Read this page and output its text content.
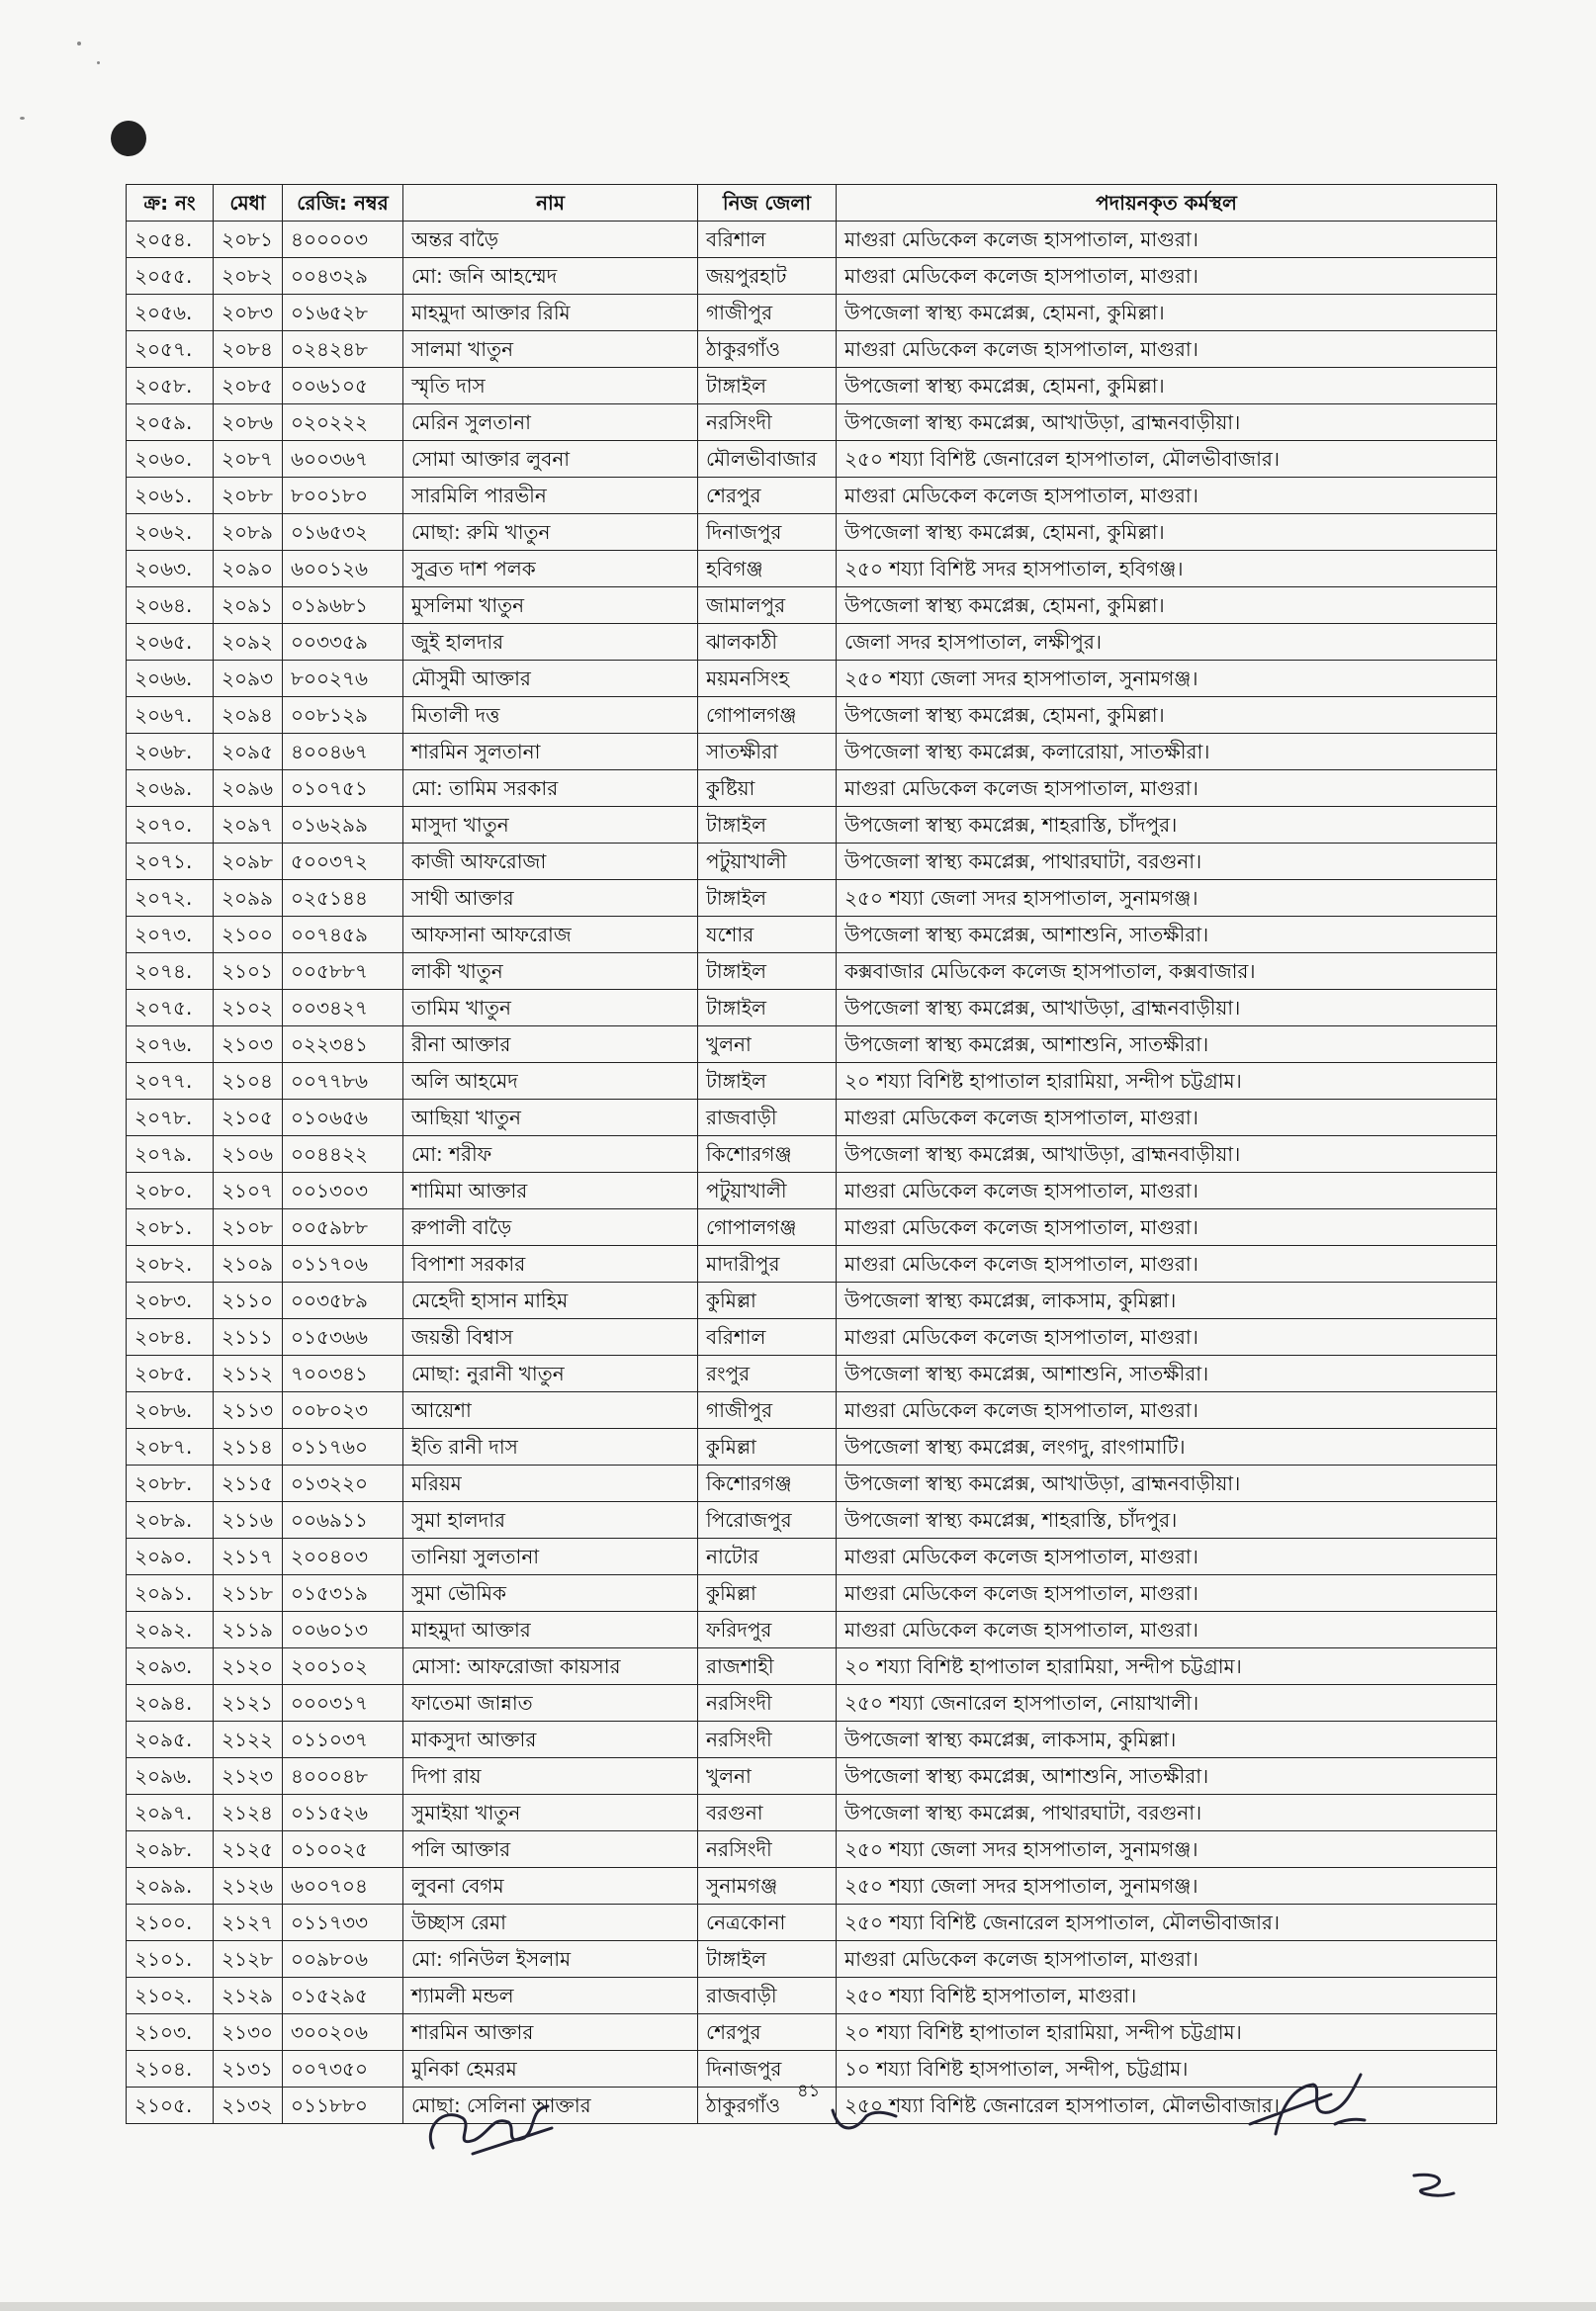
ক্র: নং	মেধা	রেজি: নম্বর	নাম	নিজ জেলা	পদায়নকৃত কর্মস্থল
২০৫৪.	২০৮১	৪০০০০৩	অন্তর বাড়ৈ	বরিশাল	মাগুরা মেডিকেল কলেজ হাসপাতাল, মাগুরা।
২০৫৫.	২০৮২	০০৪৩২৯	মো: জনি আহম্মেদ	জয়পুরহাট	মাগুরা মেডিকেল কলেজ হাসপাতাল, মাগুরা।
২০৫৬.	২০৮৩	০১৬৫২৮	মাহমুদা আক্তার রিমি	গাজীপুর	উপজেলা স্বাস্থ্য কমপ্লেক্স, হোমনা, কুমিল্লা।
২০৫৭.	২০৮৪	০২৪২৪৮	সালমা খাতুন	ঠাকুরগাঁও	মাগুরা মেডিকেল কলেজ হাসপাতাল, মাগুরা।
২০৫৮.	২০৮৫	০০৬১০৫	স্মৃতি দাস	টাঙ্গাইল	উপজেলা স্বাস্থ্য কমপ্লেক্স, হোমনা, কুমিল্লা।
২০৫৯.	২০৮৬	০২০২২২	মেরিন সুলতানা	নরসিংদী	উপজেলা স্বাস্থ্য কমপ্লেক্স, আখাউড়া, ব্রাহ্মনবাড়ীয়া।
২০৬০.	২০৮৭	৬০০৩৬৭	সোমা আক্তার লুবনা	মৌলভীবাজার	২৫০ শয্যা বিশিষ্ট জেনারেল হাসপাতাল, মৌলভীবাজার।
২০৬১.	২০৮৮	৮০০১৮০	সারমিলি পারভীন	শেরপুর	মাগুরা মেডিকেল কলেজ হাসপাতাল, মাগুরা।
২০৬২.	২০৮৯	০১৬৫৩২	মোছা: রুমি খাতুন	দিনাজপুর	উপজেলা স্বাস্থ্য কমপ্লেক্স, হোমনা, কুমিল্লা।
২০৬৩.	২০৯০	৬০০১২৬	সুব্রত দাশ পলক	হবিগঞ্জ	২৫০ শয্যা বিশিষ্ট সদর হাসপাতাল, হবিগঞ্জ।
২০৬৪.	২০৯১	০১৯৬৮১	মুসলিমা খাতুন	জামালপুর	উপজেলা স্বাস্থ্য কমপ্লেক্স, হোমনা, কুমিল্লা।
২০৬৫.	২০৯২	০০৩৩৫৯	জুই হালদার	ঝালকাঠী	জেলা সদর হাসপাতাল, লক্ষীপুর।
২০৬৬.	২০৯৩	৮০০২৭৬	মৌসুমী আক্তার	ময়মনসিংহ	২৫০ শয্যা জেলা সদর হাসপাতাল, সুনামগঞ্জ।
২০৬৭.	২০৯৪	০০৮১২৯	মিতালী দত্ত	গোপালগঞ্জ	উপজেলা স্বাস্থ্য কমপ্লেক্স, হোমনা, কুমিল্লা।
২০৬৮.	২০৯৫	৪০০৪৬৭	শারমিন সুলতানা	সাতক্ষীরা	উপজেলা স্বাস্থ্য কমপ্লেক্স, কলারোয়া, সাতক্ষীরা।
২০৬৯.	২০৯৬	০১০৭৫১	মো: তামিম সরকার	কুষ্টিয়া	মাগুরা মেডিকেল কলেজ হাসপাতাল, মাগুরা।
২০৭০.	২০৯৭	০১৬২৯৯	মাসুদা খাতুন	টাঙ্গাইল	উপজেলা স্বাস্থ্য কমপ্লেক্স, শাহরাস্তি, চাঁদপুর।
২০৭১.	২০৯৮	৫০০৩৭২	কাজী আফরোজা	পটুয়াখালী	উপজেলা স্বাস্থ্য কমপ্লেক্স, পাথারঘাটা, বরগুনা।
২০৭২.	২০৯৯	০২৫১৪৪	সাথী আক্তার	টাঙ্গাইল	২৫০ শয্যা জেলা সদর হাসপাতাল, সুনামগঞ্জ।
২০৭৩.	২১০০	০০৭৪৫৯	আফসানা আফরোজ	যশোর	উপজেলা স্বাস্থ্য কমপ্লেক্স, আশাশুনি, সাতক্ষীরা।
২০৭৪.	২১০১	০০৫৮৮৭	লাকী খাতুন	টাঙ্গাইল	কক্সবাজার মেডিকেল কলেজ হাসপাতাল, কক্সবাজার।
২০৭৫.	২১০২	০০৩৪২৭	তামিম খাতুন	টাঙ্গাইল	উপজেলা স্বাস্থ্য কমপ্লেক্স, আখাউড়া, ব্রাহ্মনবাড়ীয়া।
২০৭৬.	২১০৩	০২২৩৪১	রীনা আক্তার	খুলনা	উপজেলা স্বাস্থ্য কমপ্লেক্স, আশাশুনি, সাতক্ষীরা।
২০৭৭.	২১০৪	০০৭৭৮৬	অলি আহমেদ	টাঙ্গাইল	২০ শয্যা বিশিষ্ট হাপাতাল হারামিয়া, সন্দীপ চট্টগ্রাম।
২০৭৮.	২১০৫	০১০৬৫৬	আছিয়া খাতুন	রাজবাড়ী	মাগুরা মেডিকেল কলেজ হাসপাতাল, মাগুরা।
২০৭৯.	২১০৬	০০৪৪২২	মো: শরীফ	কিশোরগঞ্জ	উপজেলা স্বাস্থ্য কমপ্লেক্স, আখাউড়া, ব্রাহ্মনবাড়ীয়া।
২০৮০.	২১০৭	০০১৩০৩	শামিমা আক্তার	পটুয়াখালী	মাগুরা মেডিকেল কলেজ হাসপাতাল, মাগুরা।
২০৮১.	২১০৮	০০৫৯৮৮	রুপালী বাড়ৈ	গোপালগঞ্জ	মাগুরা মেডিকেল কলেজ হাসপাতাল, মাগুরা।
২০৮২.	২১০৯	০১১৭০৬	বিপাশা সরকার	মাদারীপুর	মাগুরা মেডিকেল কলেজ হাসপাতাল, মাগুরা।
২০৮৩.	২১১০	০০৩৫৮৯	মেহেদী হাসান মাহিম	কুমিল্লা	উপজেলা স্বাস্থ্য কমপ্লেক্স, লাকসাম, কুমিল্লা।
২০৮৪.	২১১১	০১৫৩৬৬	জয়ন্তী বিশ্বাস	বরিশাল	মাগুরা মেডিকেল কলেজ হাসপাতাল, মাগুরা।
২০৮৫.	২১১২	৭০০৩৪১	মোছা: নুরানী খাতুন	রংপুর	উপজেলা স্বাস্থ্য কমপ্লেক্স, আশাশুনি, সাতক্ষীরা।
২০৮৬.	২১১৩	০০৮০২৩	আয়েশা	গাজীপুর	মাগুরা মেডিকেল কলেজ হাসপাতাল, মাগুরা।
২০৮৭.	২১১৪	০১১৭৬০	ইতি রানী দাস	কুমিল্লা	উপজেলা স্বাস্থ্য কমপ্লেক্স, লংগদু, রাংগামাটি।
২০৮৮.	২১১৫	০১৩২২০	মরিয়ম	কিশোরগঞ্জ	উপজেলা স্বাস্থ্য কমপ্লেক্স, আখাউড়া, ব্রাহ্মনবাড়ীয়া।
২০৮৯.	২১১৬	০০৬৯১১	সুমা হালদার	পিরোজপুর	উপজেলা স্বাস্থ্য কমপ্লেক্স, শাহরাস্তি, চাঁদপুর।
২০৯০.	২১১৭	২০০৪০৩	তানিয়া সুলতানা	নাটোর	মাগুরা মেডিকেল কলেজ হাসপাতাল, মাগুরা।
২০৯১.	২১১৮	০১৫৩১৯	সুমা ভৌমিক	কুমিল্লা	মাগুরা মেডিকেল কলেজ হাসপাতাল, মাগুরা।
২০৯২.	২১১৯	০০৬০১৩	মাহমুদা আক্তার	ফরিদপুর	মাগুরা মেডিকেল কলেজ হাসপাতাল, মাগুরা।
২০৯৩.	২১২০	২০০১০২	মোসা: আফরোজা কায়সার	রাজশাহী	২০ শয্যা বিশিষ্ট হাপাতাল হারামিয়া, সন্দীপ চট্টগ্রাম।
২০৯৪.	২১২১	০০০৩১৭	ফাতেমা জান্নাত	নরসিংদী	২৫০ শয্যা জেনারেল হাসপাতাল, নোয়াখালী।
২০৯৫.	২১২২	০১১০৩৭	মাকসুদা আক্তার	নরসিংদী	উপজেলা স্বাস্থ্য কমপ্লেক্স, লাকসাম, কুমিল্লা।
২০৯৬.	২১২৩	৪০০০৪৮	দিপা রায়	খুলনা	উপজেলা স্বাস্থ্য কমপ্লেক্স, আশাশুনি, সাতক্ষীরা।
২০৯৭.	২১২৪	০১১৫২৬	সুমাইয়া খাতুন	বরগুনা	উপজেলা স্বাস্থ্য কমপ্লেক্স, পাথারঘাটা, বরগুনা।
২০৯৮.	২১২৫	০১০০২৫	পলি আক্তার	নরসিংদী	২৫০ শয্যা জেলা সদর হাসপাতাল, সুনামগঞ্জ।
২০৯৯.	২১২৬	৬০০৭০৪	লুবনা বেগম	সুনামগঞ্জ	২৫০ শয্যা জেলা সদর হাসপাতাল, সুনামগঞ্জ।
২১০০.	২১২৭	০১১৭৩৩	উচ্ছাস রেমা	নেত্রকোনা	২৫০ শয্যা বিশিষ্ট জেনারেল হাসপাতাল, মৌলভীবাজার।
২১০১.	২১২৮	০০৯৮০৬	মো: গনিউল ইসলাম	টাঙ্গাইল	মাগুরা মেডিকেল কলেজ হাসপাতাল, মাগুরা।
২১০২.	২১২৯	০১৫২৯৫	শ্যামলী মন্ডল	রাজবাড়ী	২৫০ শয্যা বিশিষ্ট হাসপাতাল, মাগুরা।
২১০৩.	২১৩০	৩০০২০৬	শারমিন আক্তার	শেরপুর	২০ শয্যা বিশিষ্ট হাপাতাল হারামিয়া, সন্দীপ চট্টগ্রাম।
২১০৪.	২১৩১	০০৭৩৫০	মুনিকা হেমরম	দিনাজপুর	১০ শয্যা বিশিষ্ট হাসপাতাল, সন্দীপ, চট্টগ্রাম।
২১০৫.	২১৩২	০১১৮৮০	মোছা: সেলিনা আক্তার	ঠাকুরগাঁও	২৫০ শয্যা বিশিষ্ট জেনারেল হাসপাতাল, মৌলভীবাজার।
৪১
